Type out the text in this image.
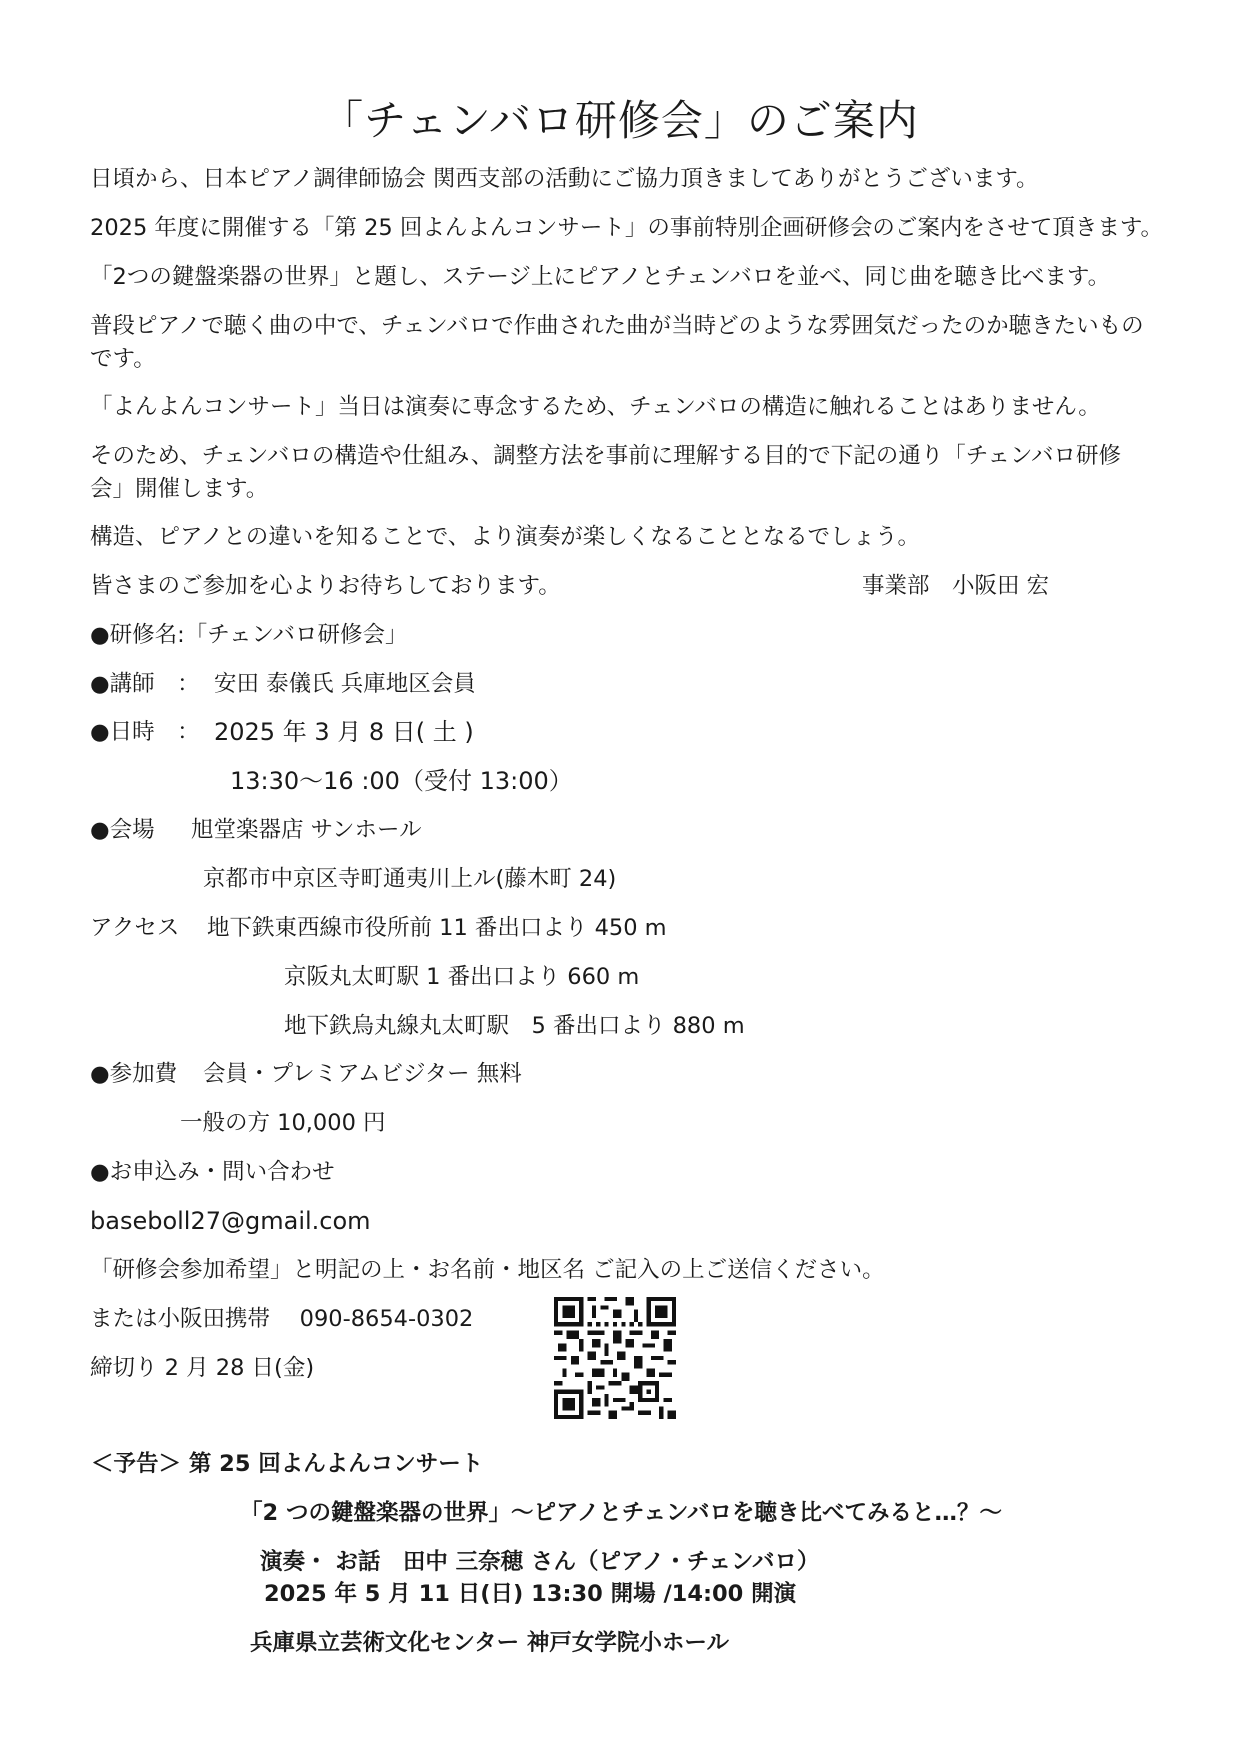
「チェンバロ研修会」のご案内
日頃から、日本ピアノ調律師協会 関西支部の活動にご協力頂きましてありがとうございます。
2025 年度に開催する「第 25 回よんよんコンサート」の事前特別企画研修会のご案内をさせて頂きます。
「2つの鍵盤楽器の世界」と題し、ステージ上にピアノとチェンバロを並べ、同じ曲を聴き比べます。
普段ピアノで聴く曲の中で、チェンバロで作曲された曲が当時どのような雰囲気だったのか聴きたいものです。
「よんよんコンサート」当日は演奏に専念するため、チェンバロの構造に触れることはありません。
そのため、チェンバロの構造や仕組み、調整方法を事前に理解する目的で下記の通り「チェンバロ研修会」開催します。
構造、ピアノとの違いを知ることで、より演奏が楽しくなることとなるでしょう。
皆さまのご参加を心よりお待ちしております。	事業部　小阪田 宏
●研修名:「チェンバロ研修会」
●講師　： 安田 泰儀氏 兵庫地区会員
●日時　： 2025 年 3 月 8 日( 土 )
13:30～16 :00（受付 13:00）
●会場 旭堂楽器店 サンホール
京都市中京区寺町通夷川上ル(藤木町 24)
アクセス 地下鉄東西線市役所前 11 番出口より 450 m
京阪丸太町駅 1 番出口より 660 m
地下鉄烏丸線丸太町駅　5 番出口より 880 m
●参加費 会員・プレミアムビジター 無料
一般の方 10,000 円
●お申込み・問い合わせ
baseboll27@gmail.com
「研修会参加希望」と明記の上・お名前・地区名 ご記入の上ご送信ください。
または小阪田携帯　 090-8654-0302
締切り 2 月 28 日(金)
＜予告＞ 第 25 回よんよんコンサート
「2 つの鍵盤楽器の世界」～ピアノとチェンバロを聴き比べてみると…？～
演奏・ お話　田中 三奈穂 さん（ピアノ・チェンバロ）
2025 年 5 月 11 日(日) 13:30 開場 /14:00 開演
兵庫県立芸術文化センター 神戸女学院小ホール
